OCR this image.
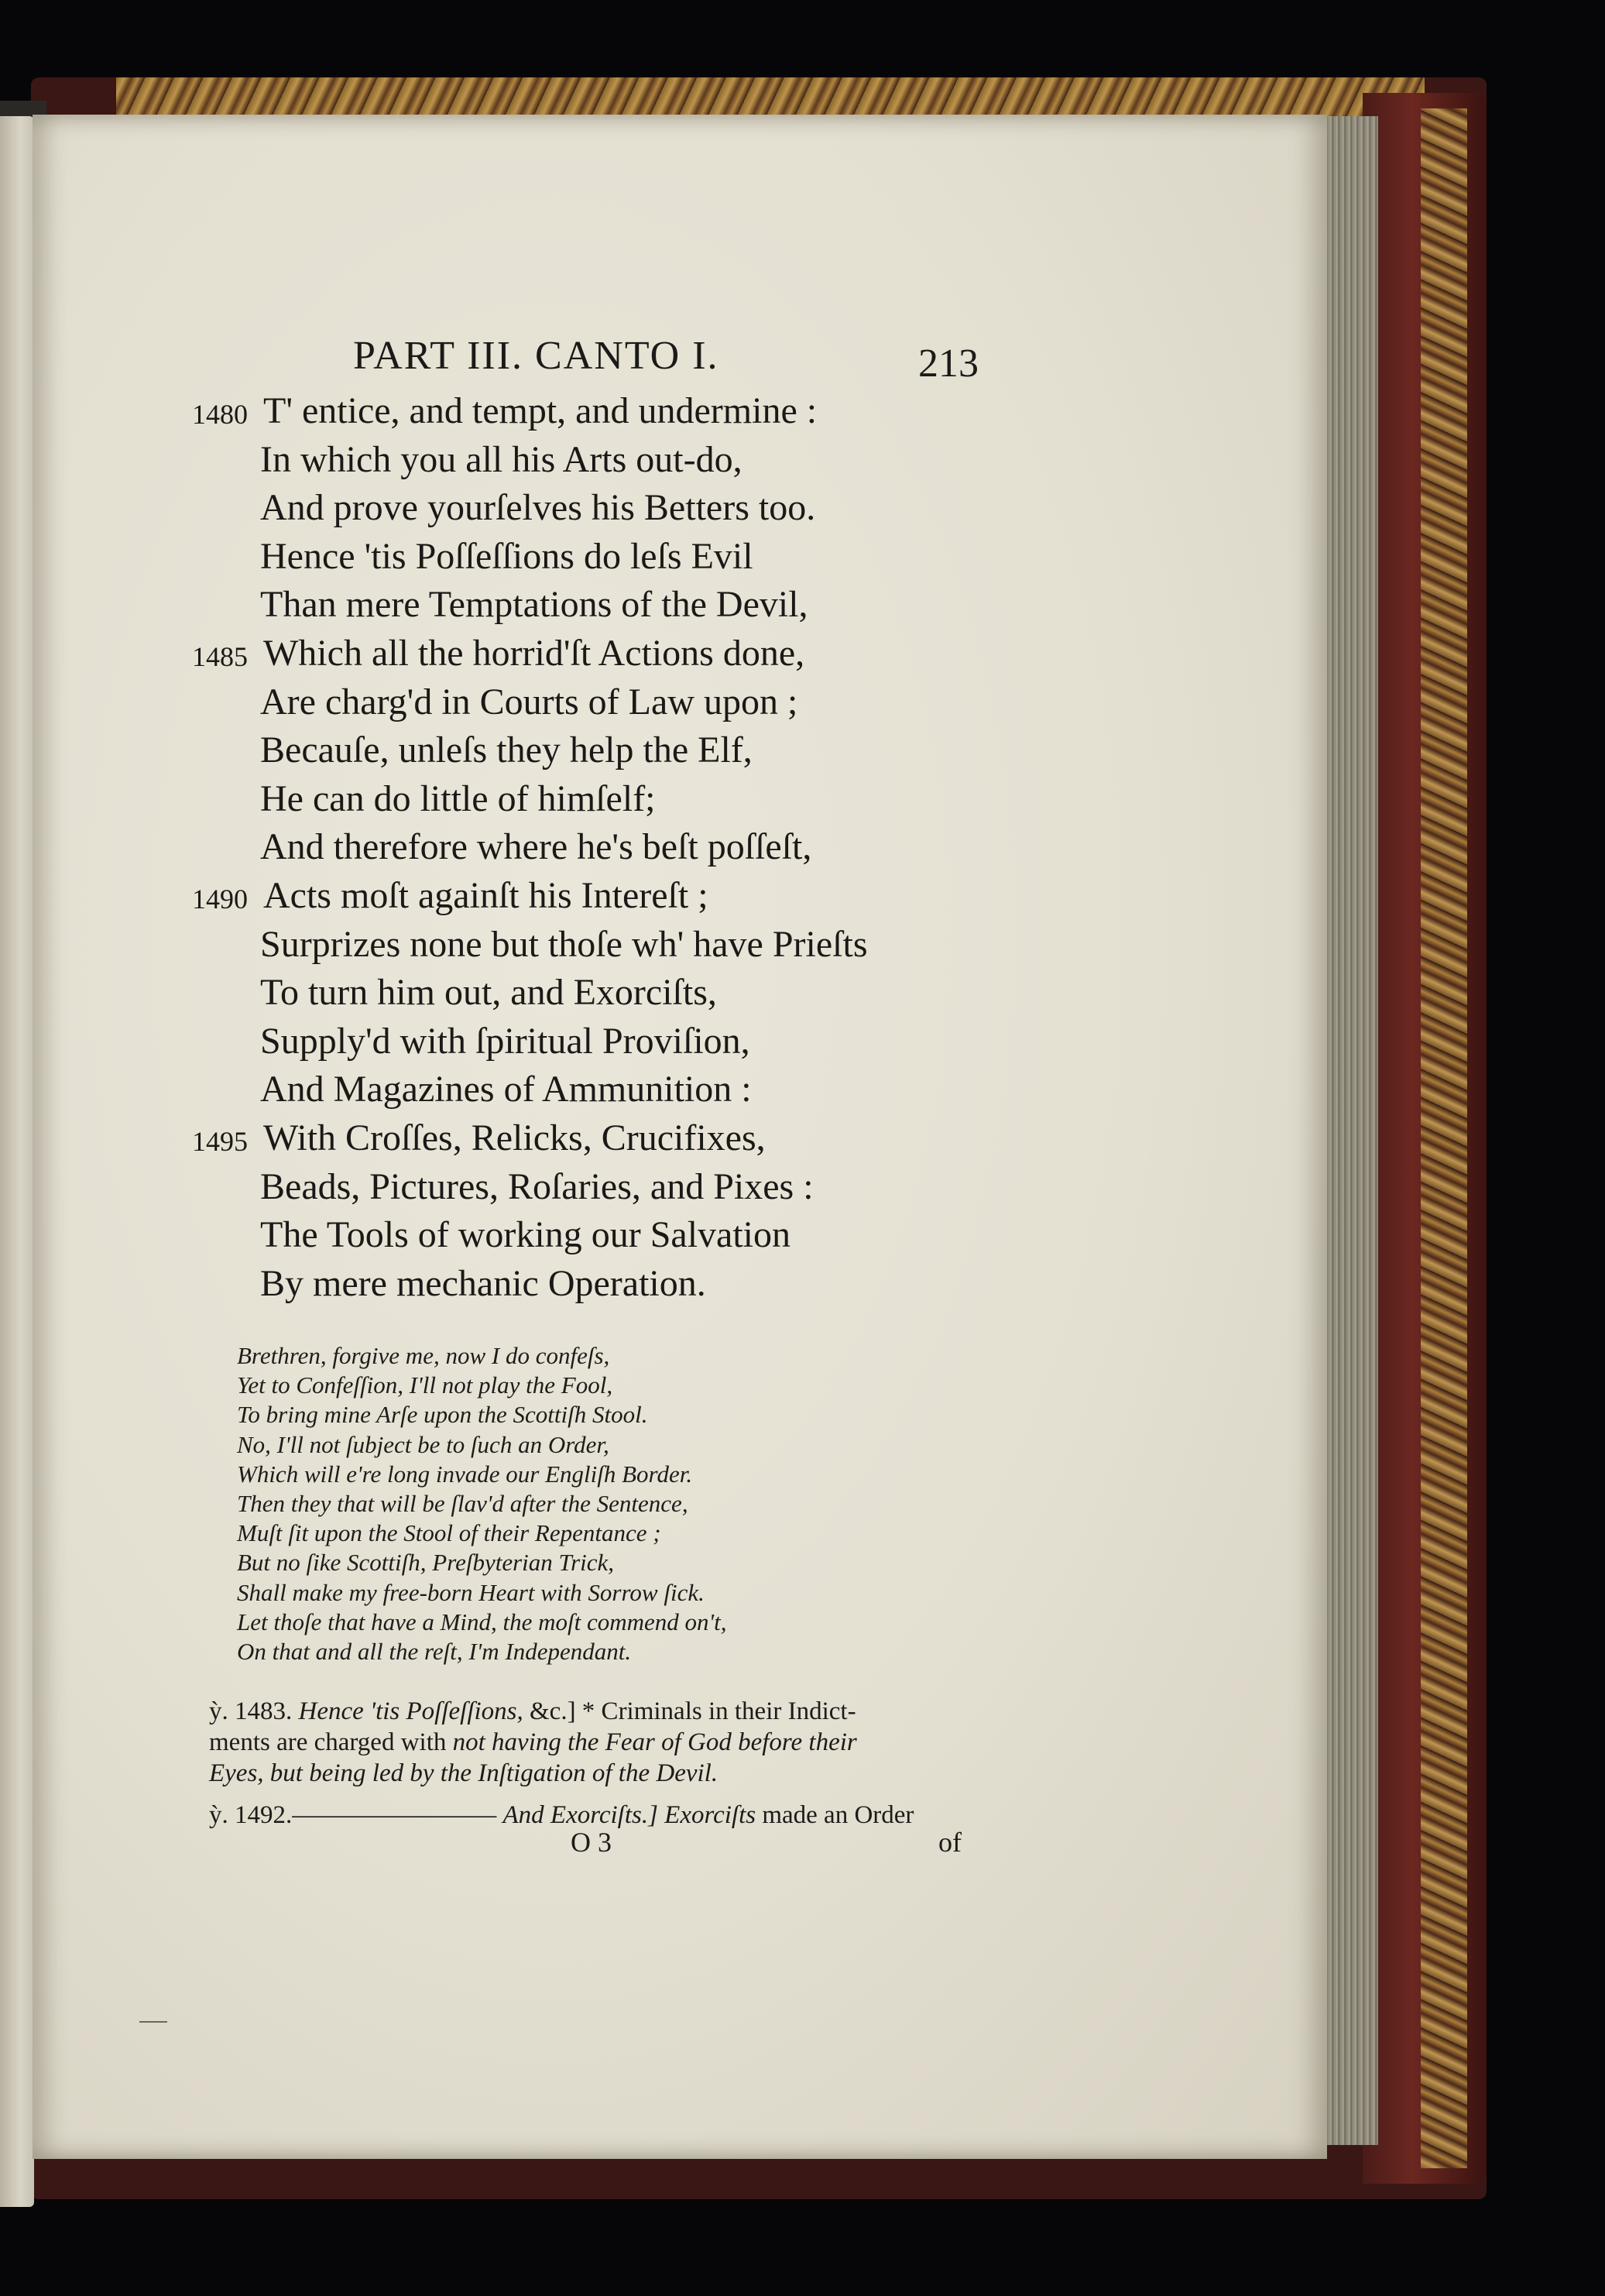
PART III. CANTO I.	213
1480 T' entice, and tempt, and undermine :
In which you all his Arts out-do,
And prove yourſelves his Betters too.
Hence 'tis Poſſeſſions do leſs Evil
Than mere Temptations of the Devil,
1485 Which all the horrid'ſt Actions done,
Are charg'd in Courts of Law upon ;
Becauſe, unleſs they help the Elf,
He can do little of himſelf;
And therefore where he's beſt poſſeſt,
1490 Acts moſt againſt his Intereſt ;
Surprizes none but thoſe wh' have Prieſts
To turn him out, and Exorciſts,
Supply'd with ſpiritual Proviſion,
And Magazines of Ammunition :
1495 With Croſſes, Relicks, Crucifixes,
Beads, Pictures, Roſaries, and Pixes :
The Tools of working our Salvation
By mere mechanic Operation.
Brethren, forgive me, now I do confeſs,
Yet to Confeſſion, I'll not play the Fool,
To bring mine Arſe upon the Scottiſh Stool.
No, I'll not ſubject be to ſuch an Order,
Which will e're long invade our Engliſh Border.
Then they that will be ſlav'd after the Sentence,
Muſt ſit upon the Stool of their Repentance ;
But no ſike Scottiſh, Preſbyterian Trick,
Shall make my free-born Heart with Sorrow ſick.
Let thoſe that have a Mind, the moſt commend on't,
On that and all the reſt, I'm Independant.
ỳ. 1483. Hence 'tis Poſſeſſions, &c.] * Criminals in their Indict-
ments are charged with not having the Fear of God before their
Eyes, but being led by the Inſtigation of the Devil.
ỳ. 1492.———————— And Exorciſts.] Exorciſts made an Order
O 3	of
